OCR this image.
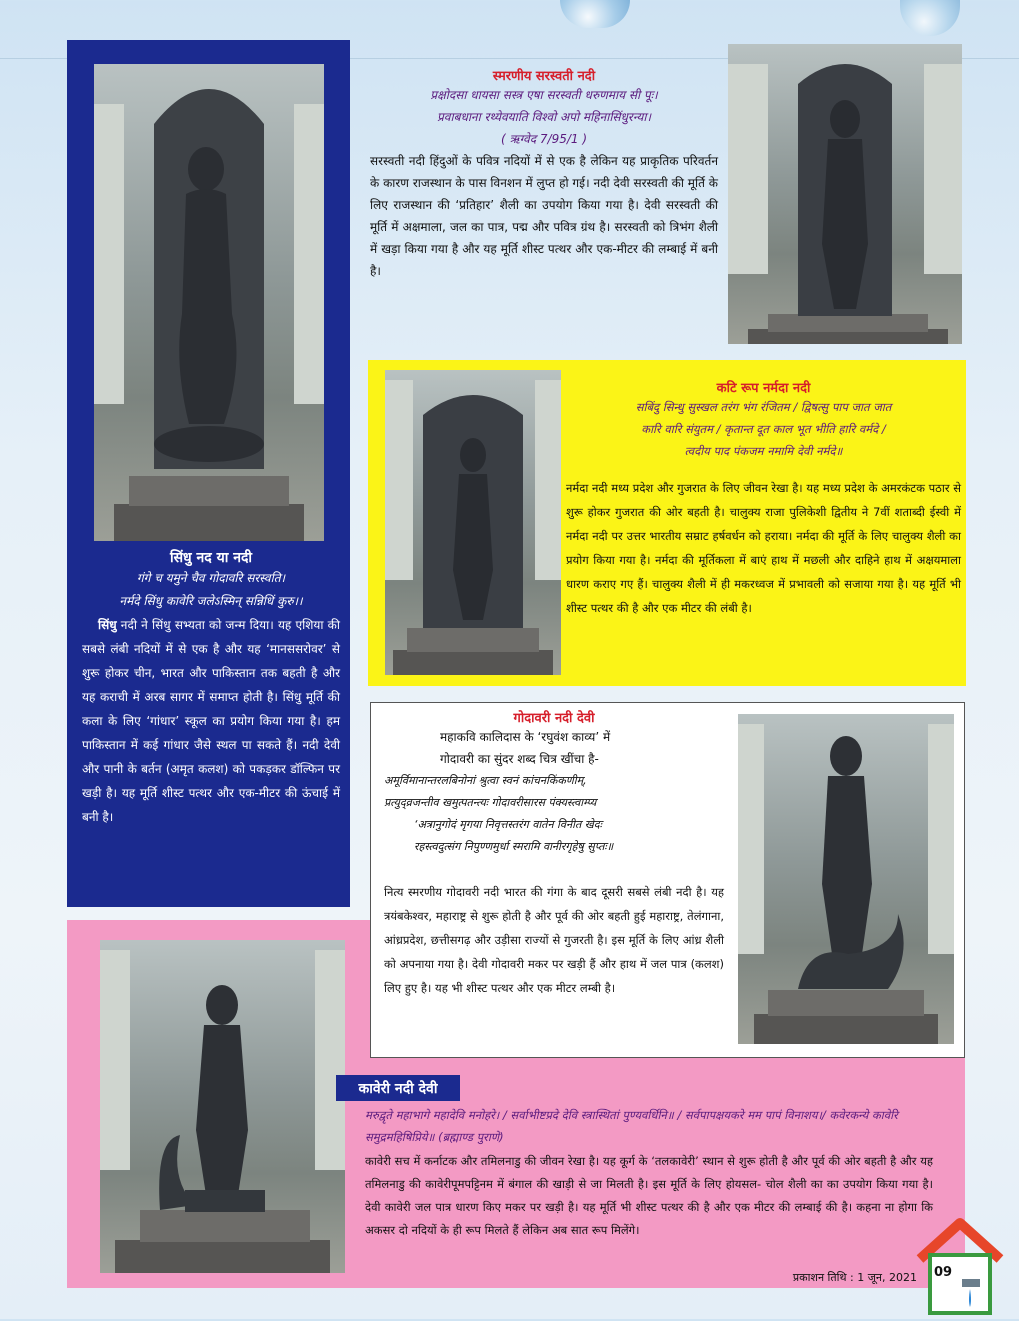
सिंधु नद या नदी
गंगे च यमुने चैव गोदावरि सरस्वति।
नर्मदे सिंधु कावेरि जलेऽस्मिन् सन्निधिं कुरु।।
सिंधु नदी ने सिंधु सभ्यता को जन्म दिया। यह एशिया की सबसे लंबी नदियों में से एक है और यह ‘मानससरोवर’ से शुरू होकर चीन, भारत और पाकिस्तान तक बहती है और यह कराची में अरब सागर में समाप्त होती है। सिंधु मूर्ति की कला के लिए ‘गांधार’ स्कूल का प्रयोग किया गया है। हम पाकिस्तान में कई गांधार जैसे स्थल पा सकते हैं। नदी देवी और पानी के बर्तन (अमृत कलश) को पकड़कर डॉल्फिन पर खड़ी है। यह मूर्ति शीस्ट पत्थर और एक-मीटर की ऊंचाई में बनी है।
स्मरणीय सरस्वती नदी
प्रक्षोदसा धायसा सस्त्र एषा सरस्वती धरुणमाय सी पूः।
प्रवाबधाना रथ्येवयाति विश्वो अपो महिनासिंधुरन्या।
( ऋग्वेद 7/95/1 )
सरस्वती नदी हिंदुओं के पवित्र नदियों में से एक है लेकिन यह प्राकृतिक परिवर्तन के कारण राजस्थान के पास विनशन में लुप्त हो गई। नदी देवी सरस्वती की मूर्ति के लिए राजस्थान की ‘प्रतिहार’ शैली का उपयोग किया गया है। देवी सरस्वती की मूर्ति में अक्षमाला, जल का पात्र, पद्म और पवित्र ग्रंथ है। सरस्वती को त्रिभंग शैली में खड़ा किया गया है और यह मूर्ति शीस्ट पत्थर और एक-मीटर की लम्बाई में बनी है।
कटि रूप नर्मदा नदी
सबिंदु सिन्धु सुस्खल तरंग भंग रंजितम / द्विषत्सु पाप जात जात
कारि वारि संयुतम / कृतान्त दूत काल भूत भीति हारि वर्मदे /
त्वदीय पाद पंकजम नमामि देवी नर्मदे॥
नर्मदा नदी मध्य प्रदेश और गुजरात के लिए जीवन रेखा है। यह मध्य प्रदेश के अमरकंटक पठार से शुरू होकर गुजरात की ओर बहती है। चालुक्य राजा पुलिकेशी द्वितीय ने 7वीं शताब्दी ईस्वी में नर्मदा नदी पर उत्तर भारतीय सम्राट हर्षवर्धन को हराया। नर्मदा की मूर्ति के लिए चालुक्य शैली का प्रयोग किया गया है। नर्मदा की मूर्तिकला में बाएं हाथ में मछली और दाहिने हाथ में अक्षयमाला धारण कराए गए हैं। चालुक्य शैली में ही मकरध्वज में प्रभावली को सजाया गया है। यह मूर्ति भी शीस्ट पत्थर की है और एक मीटर की लंबी है।
गोदावरी नदी देवी
महाकवि कालिदास के ‘रघुवंश काव्य’ में
गोदावरी का सुंदर शब्द चित्र खींचा है-
अमूर्विमानान्तरलबिनोनां श्रुत्वा स्वनं कांचनकिंकणीम्,
प्रत्युद्व्रजन्तीव खमुत्पतन्त्यः गोदावरीसारस पंक्यस्त्वाम्प्य
‘अत्रानुगोदं मृगया निवृत्तस्तरंग वातेन विनीत खेदः
रहस्त्वदुत्संग निपुण्णमुर्धा स्मरामि वानीरगृहेषु सुप्तः॥
नित्य स्मरणीय गोदावरी नदी भारत की गंगा के बाद दूसरी सबसे लंबी नदी है। यह त्रयंबकेश्वर, महाराष्ट्र से शुरू होती है और पूर्व की ओर बहती हुई महाराष्ट्र, तेलंगाना, आंध्रप्रदेश, छत्तीसगढ़ और उड़ीसा राज्यों से गुजरती है। इस मूर्ति के लिए आंध्र शैली को अपनाया गया है। देवी गोदावरी मकर पर खड़ी हैं और हाथ में जल पात्र (कलश) लिए हुए है। यह भी शीस्ट पत्थर और एक मीटर लम्बी है।
कावेरी नदी देवी
मरुद्वृते महाभागे महादेवि मनोहरे। / सर्वाभीष्टप्रदे देवि स्त्रास्थितां पुण्यवर्धिनि॥ / सर्वपापक्षयकरे मम पापं विनाशय।/ कवेरकन्ये कावेरि समुद्रमहिषिप्रिये॥ (ब्रह्माण्ड पुराणे)
कावेरी सच में कर्नाटक और तमिलनाडु की जीवन रेखा है। यह कूर्ग के ‘तलकावेरी’ स्थान से शुरू होती है और पूर्व की ओर बहती है और यह तमिलनाडु की कावेरीपूमपट्टिनम में बंगाल की खाड़ी से जा मिलती है। इस मूर्ति के लिए होयसल- चोल शैली का का उपयोग किया गया है। देवी कावेरी जल पात्र धारण किए मकर पर खड़ी है। यह मूर्ति भी शीस्ट पत्थर की है और एक मीटर की लम्बाई की है। कहना ना होगा कि अकसर दो नदियों के ही रूप मिलते हैं लेकिन अब सात रूप मिलेंगे।
प्रकाशन तिथि : 1 जून, 2021	09
